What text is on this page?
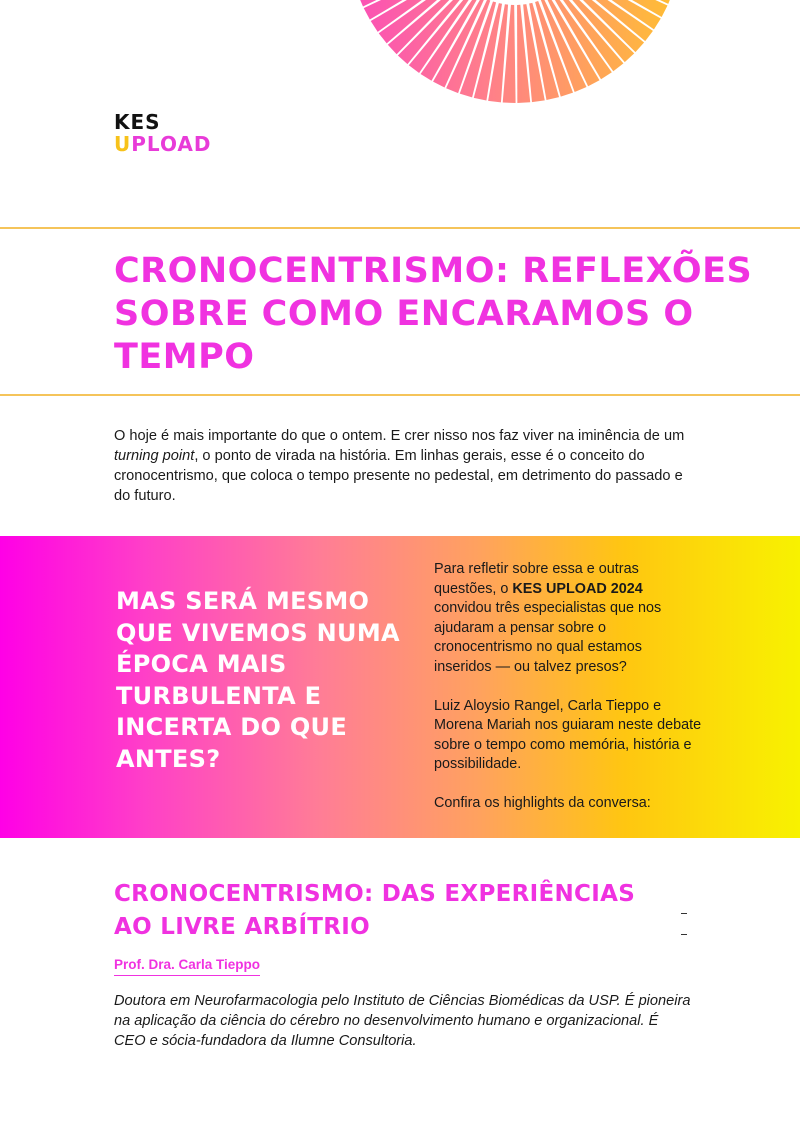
KES
UPLOAD
CRONOCENTRISMO: REFLEXÕES SOBRE COMO ENCARAMOS O TEMPO

O hoje é mais importante do que o ontem. E crer nisso nos faz viver na iminência de um turning point, o ponto de virada na história. Em linhas gerais, esse é o conceito do cronocentrismo, que coloca o tempo presente no pedestal, em detrimento do passado e do futuro.

MAS SERÁ MESMO QUE VIVEMOS NUMA ÉPOCA MAIS TURBULENTA E INCERTA DO QUE ANTES?

Para refletir sobre essa e outras questões, o KES UPLOAD 2024 convidou três especialistas que nos ajudaram a pensar sobre o cronocentrismo no qual estamos inseridos — ou talvez presos?

Luiz Aloysio Rangel, Carla Tieppo e Morena Mariah nos guiaram neste debate sobre o tempo como memória, história e possibilidade.

Confira os highlights da conversa:

CRONOCENTRISMO: DAS EXPERIÊNCIAS AO LIVRE ARBÍTRIO

Prof. Dra. Carla Tieppo

Doutora em Neurofarmacologia pelo Instituto de Ciências Biomédicas da USP. É pioneira na aplicação da ciência do cérebro no desenvolvimento humano e organizacional. É CEO e sócia-fundadora da Ilumne Consultoria.
